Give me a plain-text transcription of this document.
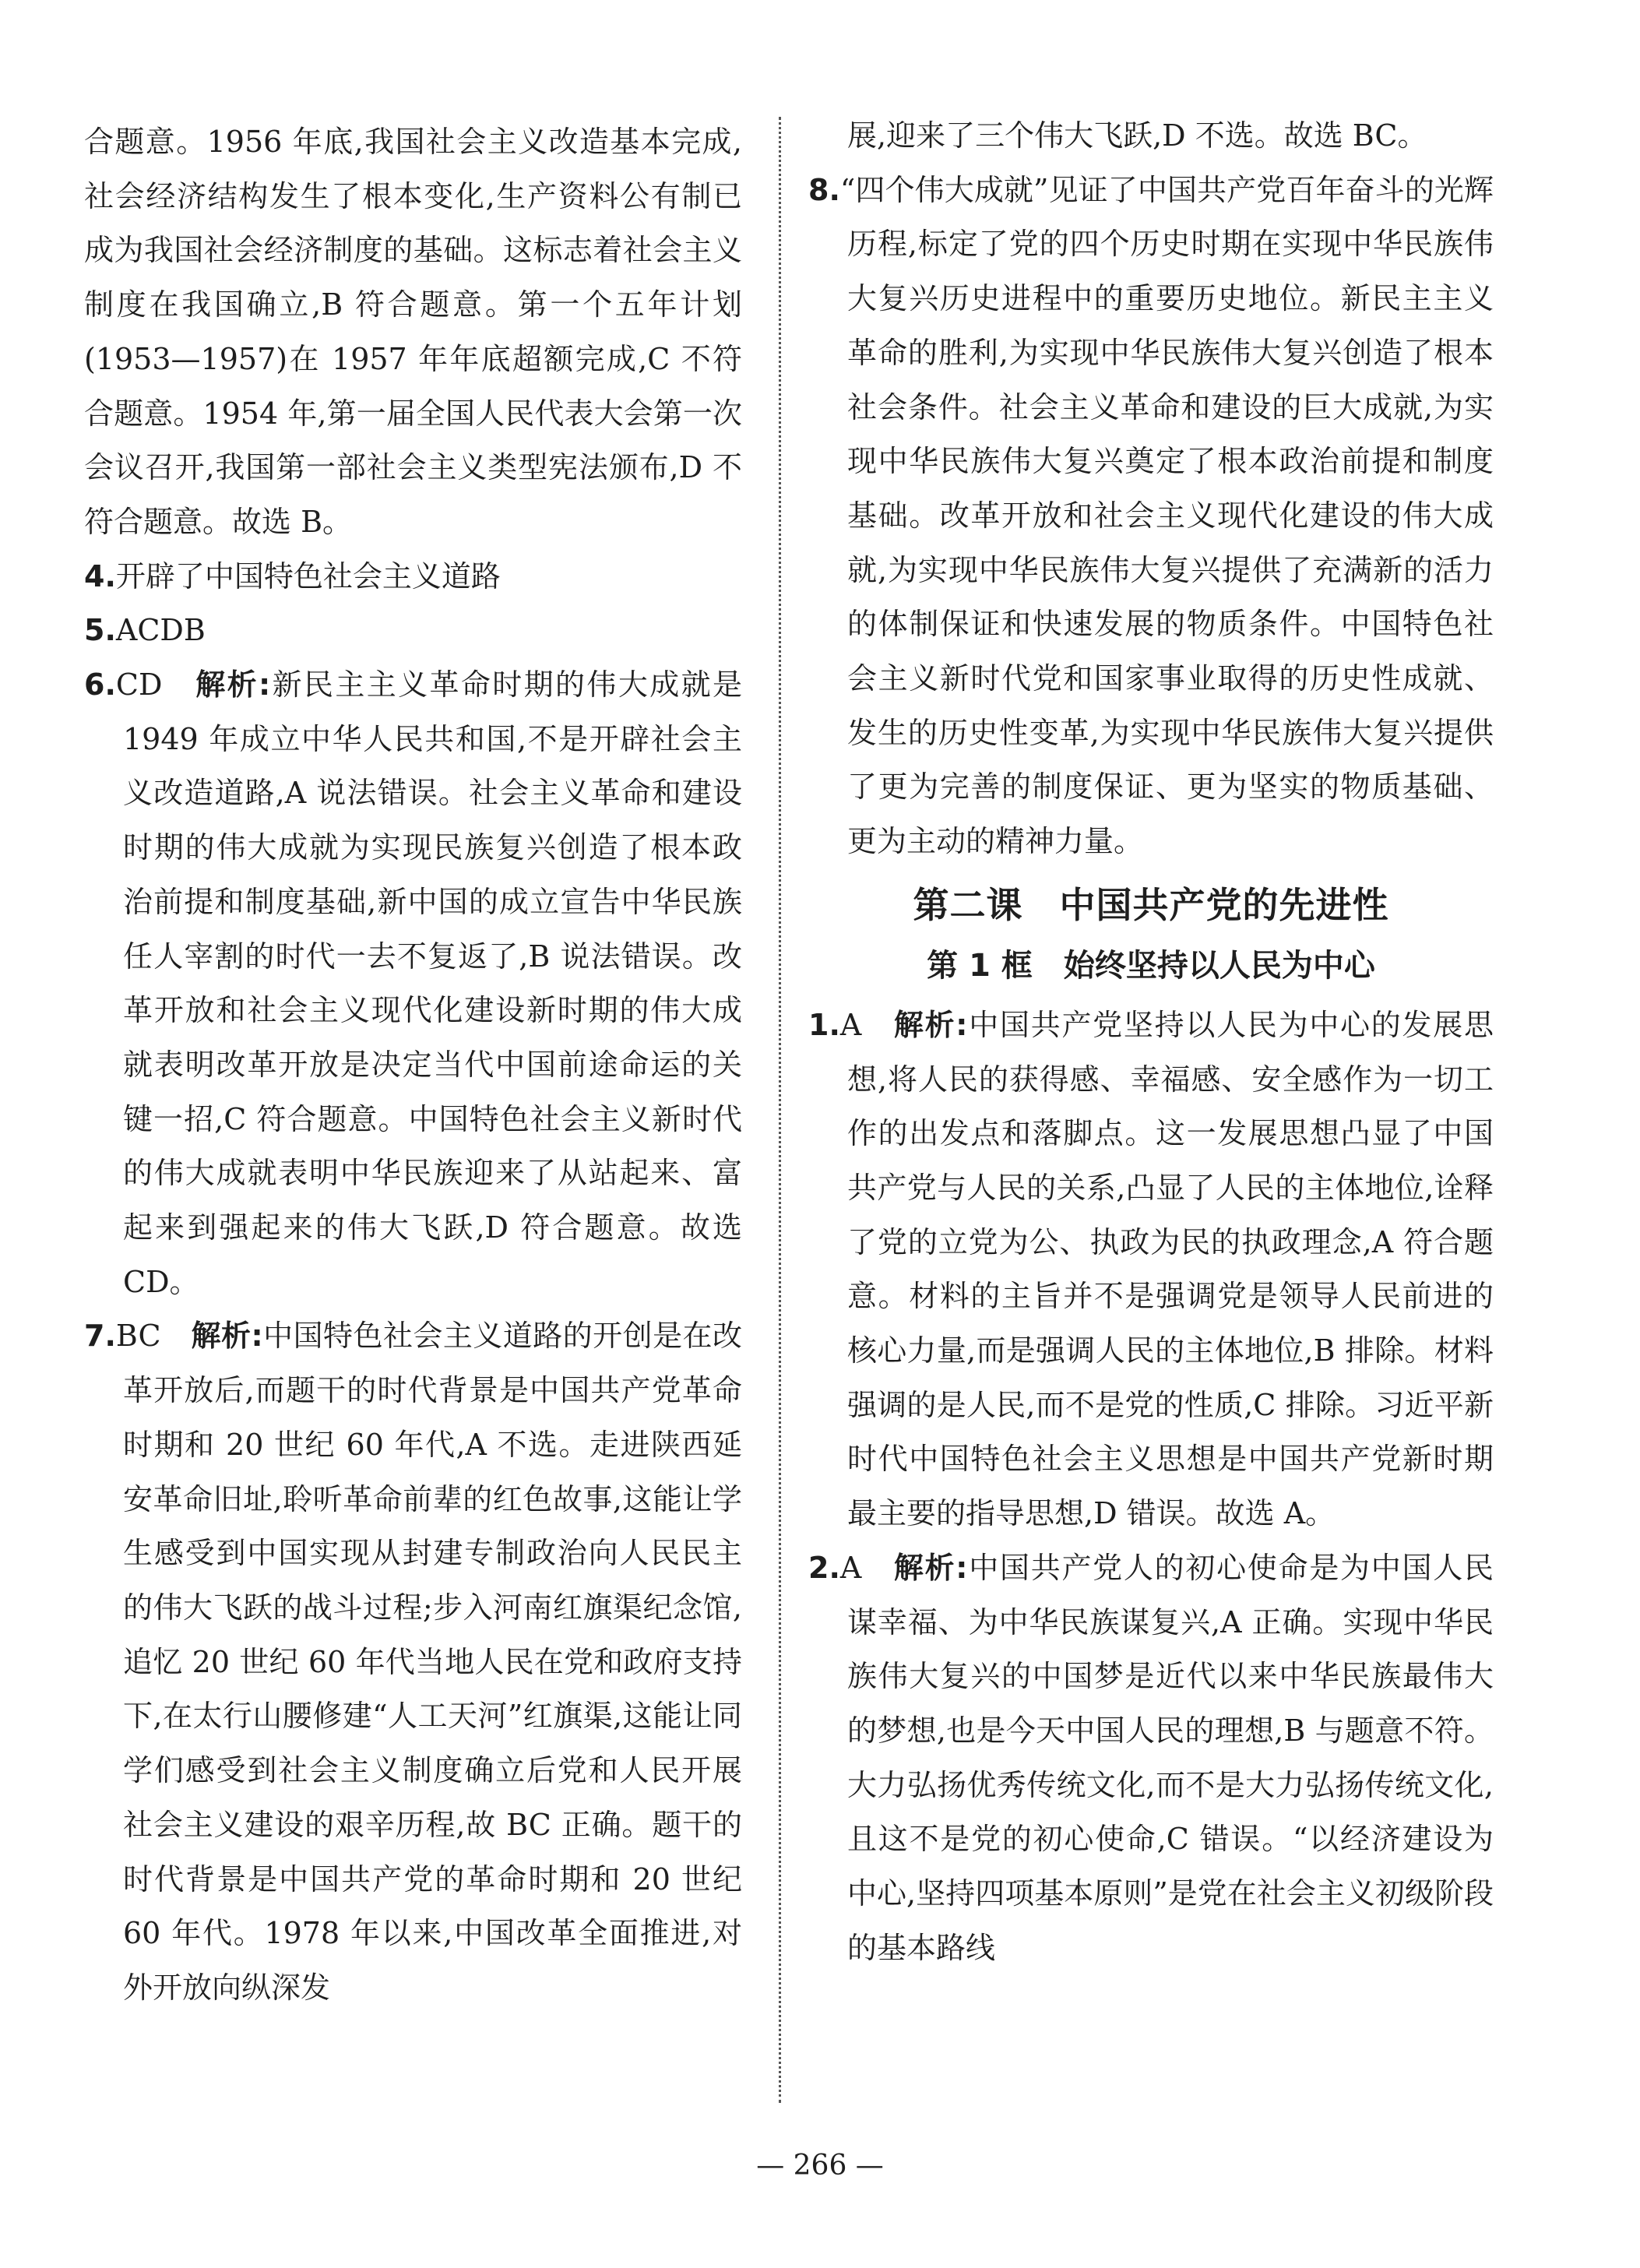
合题意。1956 年底,我国社会主义改造基本完成,社会经济结构发生了根本变化,生产资料公有制已成为我国社会经济制度的基础。这标志着社会主义制度在我国确立,B 符合题意。第一个五年计划(1953—1957)在 1957 年年底超额完成,C 不符合题意。1954 年,第一届全国人民代表大会第一次会议召开,我国第一部社会主义类型宪法颁布,D 不符合题意。故选 B。

4.开辟了中国特色社会主义道路

5.ACDB

6.CD　 解析:新民主主义革命时期的伟大成就是 1949 年成立中华人民共和国,不是开辟社会主义改造道路,A 说法错误。社会主义革命和建设时期的伟大成就为实现民族复兴创造了根本政治前提和制度基础,新中国的成立宣告中华民族任人宰割的时代一去不复返了,B 说法错误。改革开放和社会主义现代化建设新时期的伟大成就表明改革开放是决定当代中国前途命运的关键一招,C 符合题意。中国特色社会主义新时代的伟大成就表明中华民族迎来了从站起来、富起来到强起来的伟大飞跃,D 符合题意。故选 CD。

7.BC　 解析:中国特色社会主义道路的开创是在改革开放后,而题干的时代背景是中国共产党革命时期和 20 世纪 60 年代,A 不选。走进陕西延安革命旧址,聆听革命前辈的红色故事,这能让学生感受到中国实现从封建专制政治向人民民主的伟大飞跃的战斗过程;步入河南红旗渠纪念馆,追忆 20 世纪 60 年代当地人民在党和政府支持下,在太行山腰修建“人工天河”红旗渠,这能让同学们感受到社会主义制度确立后党和人民开展社会主义建设的艰辛历程,故 BC 正确。题干的时代背景是中国共产党的革命时期和 20 世纪 60 年代。1978 年以来,中国改革全面推进,对外开放向纵深发

展,迎来了三个伟大飞跃,D 不选。故选 BC。

8.“四个伟大成就”见证了中国共产党百年奋斗的光辉历程,标定了党的四个历史时期在实现中华民族伟大复兴历史进程中的重要历史地位。新民主主义革命的胜利,为实现中华民族伟大复兴创造了根本社会条件。社会主义革命和建设的巨大成就,为实现中华民族伟大复兴奠定了根本政治前提和制度基础。改革开放和社会主义现代化建设的伟大成就,为实现中华民族伟大复兴提供了充满新的活力的体制保证和快速发展的物质条件。中国特色社会主义新时代党和国家事业取得的历史性成就、发生的历史性变革,为实现中华民族伟大复兴提供了更为完善的制度保证、更为坚实的物质基础、更为主动的精神力量。

第二课　中国共产党的先进性
第 1 框　始终坚持以人民为中心

1.A　 解析:中国共产党坚持以人民为中心的发展思想,将人民的获得感、幸福感、安全感作为一切工作的出发点和落脚点。这一发展思想凸显了中国共产党与人民的关系,凸显了人民的主体地位,诠释了党的立党为公、执政为民的执政理念,A 符合题意。材料的主旨并不是强调党是领导人民前进的核心力量,而是强调人民的主体地位,B 排除。材料强调的是人民,而不是党的性质,C 排除。习近平新时代中国特色社会主义思想是中国共产党新时期最主要的指导思想,D 错误。故选 A。

2.A　 解析:中国共产党人的初心使命是为中国人民谋幸福、为中华民族谋复兴,A 正确。实现中华民族伟大复兴的中国梦是近代以来中华民族最伟大的梦想,也是今天中国人民的理想,B 与题意不符。大力弘扬优秀传统文化,而不是大力弘扬传统文化,且这不是党的初心使命,C 错误。“以经济建设为中心,坚持四项基本原则”是党在社会主义初级阶段的基本路线

— 266 —
